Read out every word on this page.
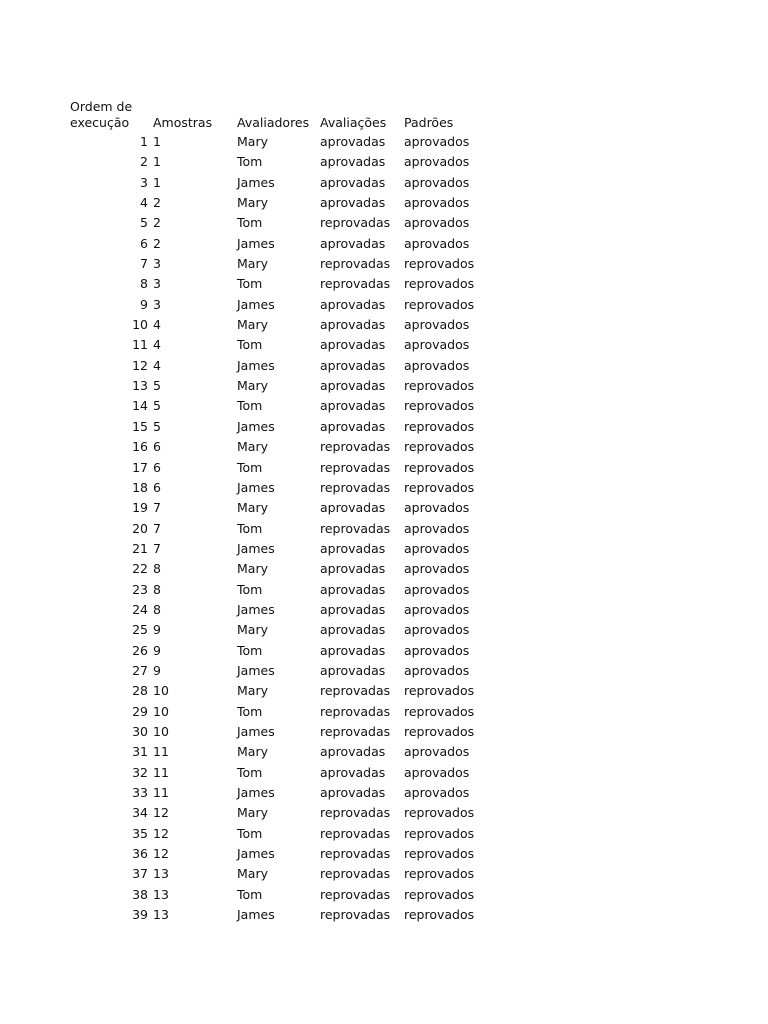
Ordem de
execução	Amostras Avaliadores Avaliações Padrões
1 1	Mary	aprovadas aprovados
2 1	Tom	aprovadas aprovados
3 1	James	aprovadas aprovados
4 2	Mary	aprovadas aprovados
5 2	Tom	reprovadas aprovados
6 2	James	aprovadas aprovados
7 3	Mary	reprovadas reprovados
8 3	Tom	reprovadas reprovados
9 3	James	aprovadas reprovados
10 4	Mary	aprovadas aprovados
11 4	Tom	aprovadas aprovados
12 4	James	aprovadas aprovados
13 5	Mary	aprovadas reprovados
14 5	Tom	aprovadas reprovados
15 5	James	aprovadas reprovados
16 6	Mary	reprovadas reprovados
17 6	Tom	reprovadas reprovados
18 6	James	reprovadas reprovados
19 7	Mary	aprovadas aprovados
20 7	Tom	reprovadas aprovados
21 7	James	aprovadas aprovados
22 8	Mary	aprovadas aprovados
23 8	Tom	aprovadas aprovados
24 8	James	aprovadas aprovados
25 9	Mary	aprovadas aprovados
26 9	Tom	aprovadas aprovados
27 9	James	aprovadas aprovados
28 10	Mary	reprovadas reprovados
29 10	Tom	reprovadas reprovados
30 10	James	reprovadas reprovados
31 11	Mary	aprovadas aprovados
32 11	Tom	aprovadas aprovados
33 11	James	aprovadas aprovados
34 12	Mary	reprovadas reprovados
35 12	Tom	reprovadas reprovados
36 12	James	reprovadas reprovados
37 13	Mary	reprovadas reprovados
38 13	Tom	reprovadas reprovados
39 13	James	reprovadas reprovados
